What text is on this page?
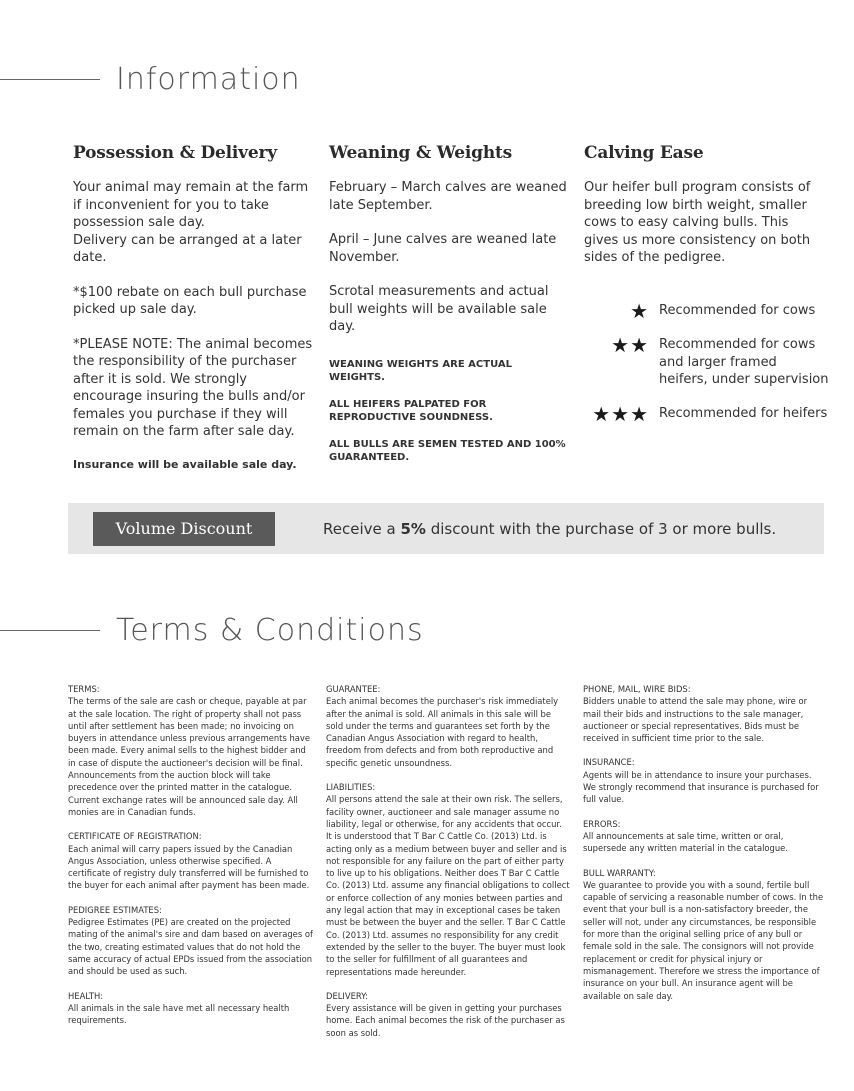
Information
Possession & Delivery

Your animal may remain at the farm if inconvenient for you to take possession sale day.
Delivery can be arranged at a later date.

*$100 rebate on each bull purchase picked up sale day.

*PLEASE NOTE: The animal becomes the responsibility of the purchaser after it is sold. We strongly encourage insuring the bulls and/or females you purchase if they will remain on the farm after sale day.

Insurance will be available sale day.

Weaning & Weights

February – March calves are weaned late September.

April – June calves are weaned late November.

Scrotal measurements and actual bull weights will be available sale day.

WEANING WEIGHTS ARE ACTUAL WEIGHTS.

ALL HEIFERS PALPATED FOR REPRODUCTIVE SOUNDNESS.

ALL BULLS ARE SEMEN TESTED AND 100% GUARANTEED.

Calving Ease

Our heifer bull program consists of breeding low birth weight, smaller cows to easy calving bulls. This gives us more consistency on both sides of the pedigree.

★ Recommended for cows
★★ Recommended for cows and larger framed heifers, under supervision
★★★ Recommended for heifers
Volume Discount	Receive a 5% discount with the purchase of 3 or more bulls.
Terms & Conditions
TERMS:
The terms of the sale are cash or cheque, payable at par at the sale location. The right of property shall not pass until after settlement has been made; no invoicing on buyers in attendance unless previous arrangements have been made. Every animal sells to the highest bidder and in case of dispute the auctioneer's decision will be final. Announcements from the auction block will take precedence over the printed matter in the catalogue. Current exchange rates will be announced sale day. All monies are in Canadian funds.
CERTIFICATE OF REGISTRATION:
Each animal will carry papers issued by the Canadian Angus Association, unless otherwise specified. A certificate of registry duly transferred will be furnished to the buyer for each animal after payment has been made.
PEDIGREE ESTIMATES:
Pedigree Estimates (PE) are created on the projected mating of the animal's sire and dam based on averages of the two, creating estimated values that do not hold the same accuracy of actual EPDs issued from the association and should be used as such.
HEALTH:
All animals in the sale have met all necessary health requirements.
GUARANTEE:
Each animal becomes the purchaser's risk immediately after the animal is sold. All animals in this sale will be sold under the terms and guarantees set forth by the Canadian Angus Association with regard to health, freedom from defects and from both reproductive and specific genetic unsoundness.
LIABILITIES:
All persons attend the sale at their own risk. The sellers, facility owner, auctioneer and sale manager assume no liability, legal or otherwise, for any accidents that occur. It is understood that T Bar C Cattle Co. (2013) Ltd. is acting only as a medium between buyer and seller and is not responsible for any failure on the part of either party to live up to his obligations. Neither does T Bar C Cattle Co. (2013) Ltd. assume any financial obligations to collect or enforce collection of any monies between parties and any legal action that may in exceptional cases be taken must be between the buyer and the seller. T Bar C Cattle Co. (2013) Ltd. assumes no responsibility for any credit extended by the seller to the buyer. The buyer must look to the seller for fulfillment of all guarantees and representations made hereunder.
DELIVERY:
Every assistance will be given in getting your purchases home. Each animal becomes the risk of the purchaser as soon as sold.
PHONE, MAIL, WIRE BIDS:
Bidders unable to attend the sale may phone, wire or mail their bids and instructions to the sale manager, auctioneer or special representatives. Bids must be received in sufficient time prior to the sale.
INSURANCE:
Agents will be in attendance to insure your purchases. We strongly recommend that insurance is purchased for full value.
ERRORS:
All announcements at sale time, written or oral, supersede any written material in the catalogue.
BULL WARRANTY:
We guarantee to provide you with a sound, fertile bull capable of servicing a reasonable number of cows. In the event that your bull is a non-satisfactory breeder, the seller will not, under any circumstances, be responsible for more than the original selling price of any bull or female sold in the sale. The consignors will not provide replacement or credit for physical injury or mismanagement. Therefore we stress the importance of insurance on your bull. An insurance agent will be available on sale day.
